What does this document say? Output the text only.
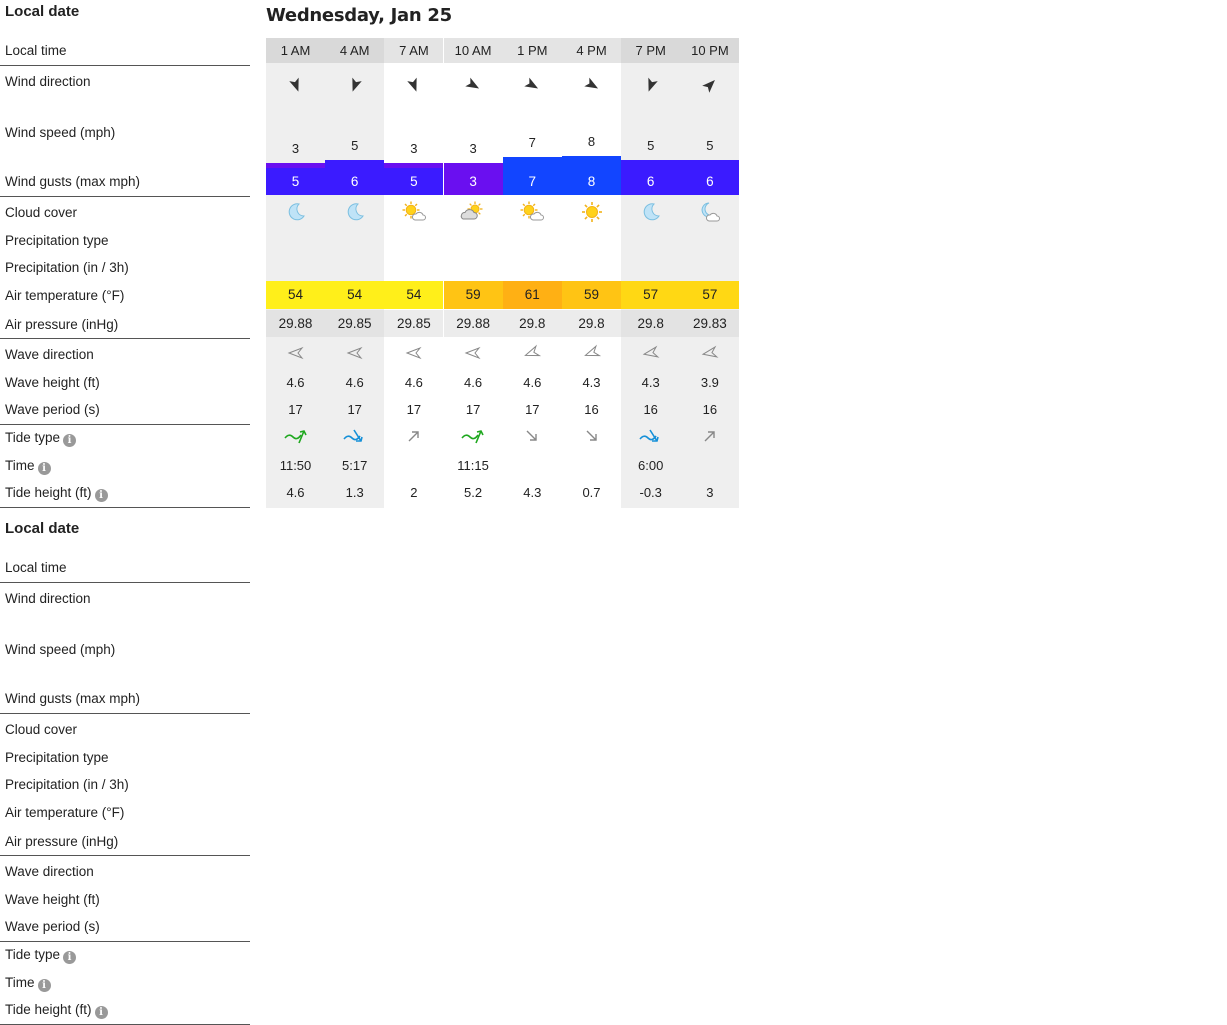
Local date
Local time
Wind direction
Wind speed (mph)
Wind gusts (max mph)
Cloud cover
Precipitation type
Precipitation (in / 3h)
Air temperature (°F)
Air pressure (inHg)
Wave direction
Wave height (ft)
Wave period (s)
Tide type i
Time i
Tide height (ft) i
Local date
Local time
Wind direction
Wind speed (mph)
Wind gusts (max mph)
Cloud cover
Precipitation type
Precipitation (in / 3h)
Air temperature (°F)
Air pressure (inHg)
Wave direction
Wave height (ft)
Wave period (s)
Tide type i
Time i
Tide height (ft) i
Wednesday, Jan 25
1 AM
3
5
54
29.88
4.6
17
11:50
4.6
4 AM
5
6
54
29.85
4.6
17
5:17
1.3
7 AM
3
5
54
29.85
4.6
17
2
10 AM
3
3
59
29.88
4.6
17
11:15
5.2
1 PM
7
7
61
29.8
4.6
17
4.3
4 PM
8
8
59
29.8
4.3
16
0.7
7 PM
5
6
57
29.8
4.3
16
6:00
-0.3
10 PM
5
6
57
29.83
3.9
16
3
